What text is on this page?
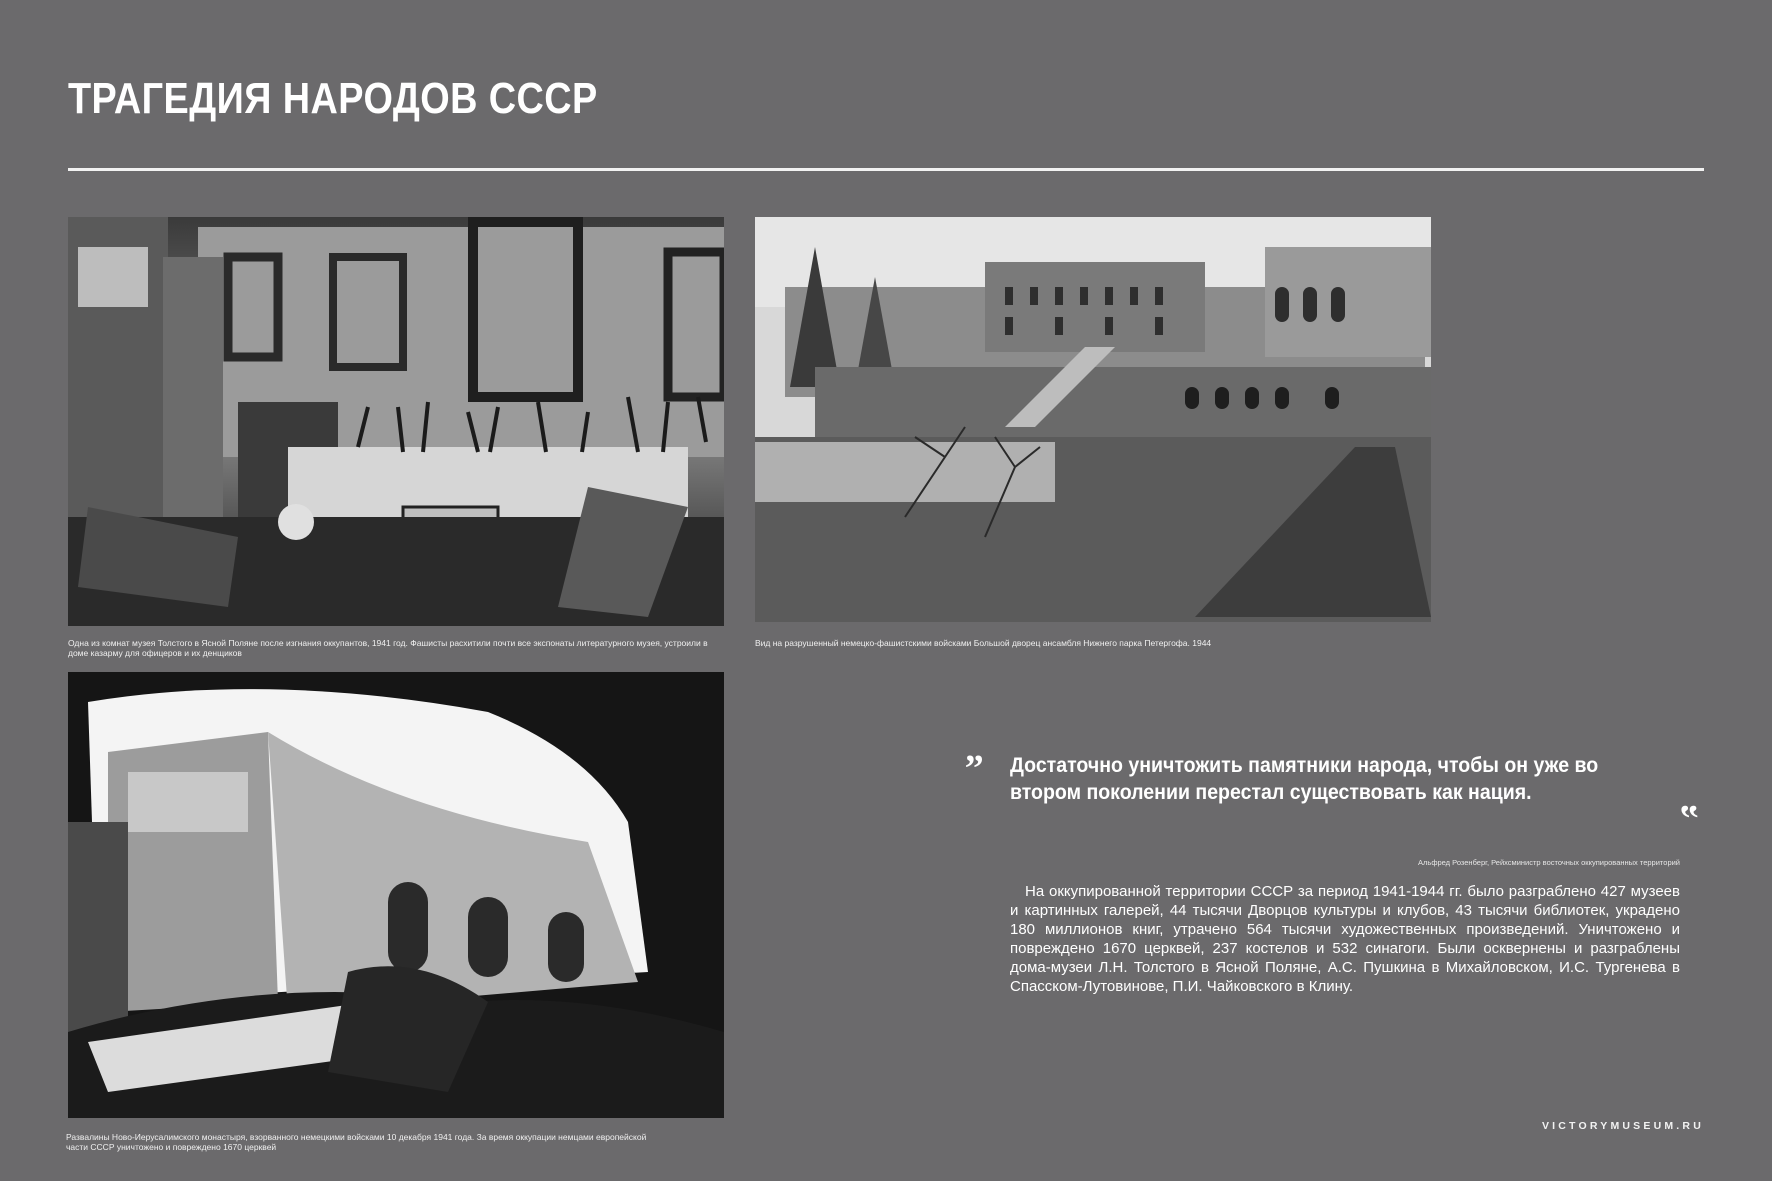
ТРАГЕДИЯ НАРОДОВ СССР
Одна из комнат музея Толстого в Ясной Поляне после изгнания оккупантов, 1941 год. Фашисты расхитили почти все экспонаты литературного музея, устроили в доме казарму для офицеров и их денщиков
Вид на разрушенный немецко-фашистскими войсками Большой дворец ансамбля Нижнего парка Петергофа. 1944
Развалины Ново-Иерусалимского монастыря, взорванного немецкими войсками 10 декабря 1941 года. За время оккупации немцами европейской части СССР уничтожено и повреждено 1670 церквей
„ Достаточно уничтожить памятники народа, чтобы он уже во втором поколении перестал существовать как нация.
‟
Альфред Розенберг, Рейхсминистр восточных оккупированных территорий
На оккупированной территории СССР за период 1941-1944 гг. было разграблено 427 музеев и картинных галерей, 44 тысячи Дворцов культуры и клубов, 43 тысячи библиотек, украдено 180 миллионов книг, утрачено 564 тысячи художественных произведений. Уничтожено и повреждено 1670 церквей, 237 костелов и 532 синагоги. Были осквернены и разграблены дома-музеи Л.Н. Толстого в Ясной Поляне, А.С. Пушкина в Михайловском, И.С. Тургенева в Спасском-Лутовинове, П.И. Чайковского в Клину.
VICTORYMUSEUM.RU
